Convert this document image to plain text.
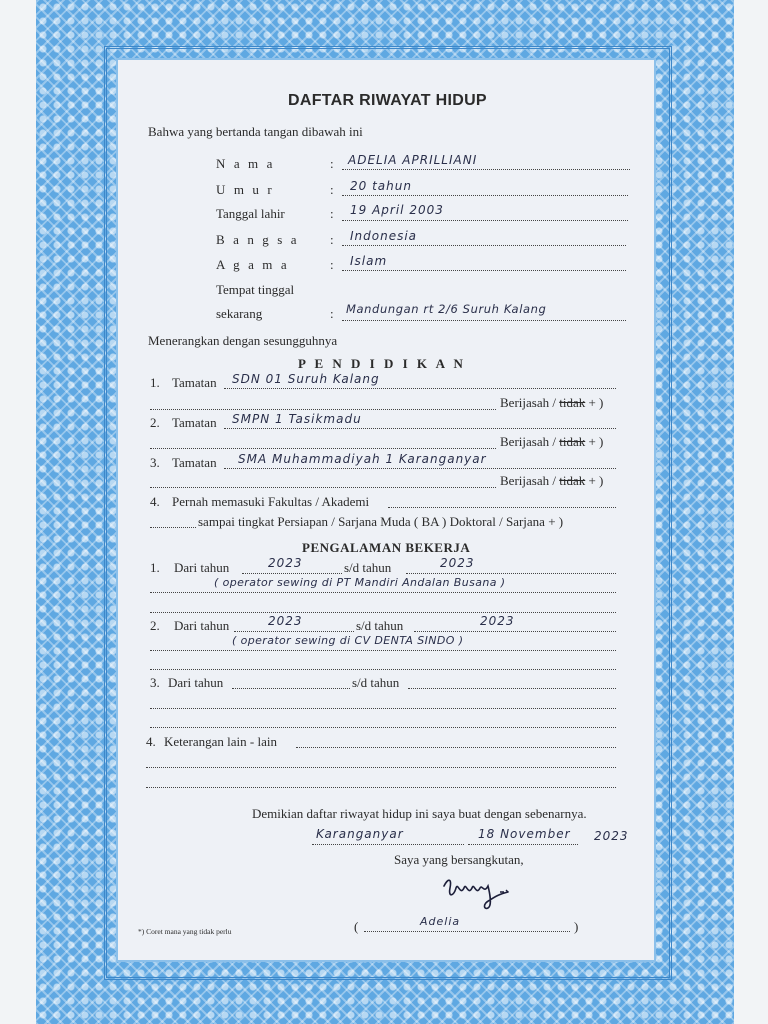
DAFTAR RIWAYAT HIDUP
Bahwa yang bertanda tangan dibawah ini
N a m a	: ADELIA APRILLIANI
U m u r	: 20 tahun
Tanggal lahir	: 19 April 2003
B a n g s a : Indonesia
A g a m a	: Islam
Tempat tinggal
sekarang	: Mandungan rt 2/6 Suruh Kalang
Menerangkan dengan sesungguhnya
P E N D I D I K A N
1. Tamatan SDN 01 Suruh Kalang
Berijasah / tidak + )
2. Tamatan SMPN 1 Tasikmadu
Berijasah / tidak + )
3. Tamatan SMA Muhammadiyah 1 Karanganyar
Berijasah / tidak + )
4. Pernah memasuki Fakultas / Akademi
sampai tingkat Persiapan / Sarjana Muda ( BA ) Doktoral / Sarjana + )
PENGALAMAN BEKERJA
1. Dari tahun	2023	s/d tahun	2023
( operator sewing di PT Mandiri Andalan Busana )
2. Dari tahun	2023	s/d tahun	2023
( operator sewing di CV DENTA SINDO )
3. Dari tahun	s/d tahun
4. Keterangan lain - lain
Demikian daftar riwayat hidup ini saya buat dengan sebenarnya.
Karanganyar	18 November 2023
Saya yang bersangkutan,
(	Adelia	)
*) Coret mana yang tidak perlu
